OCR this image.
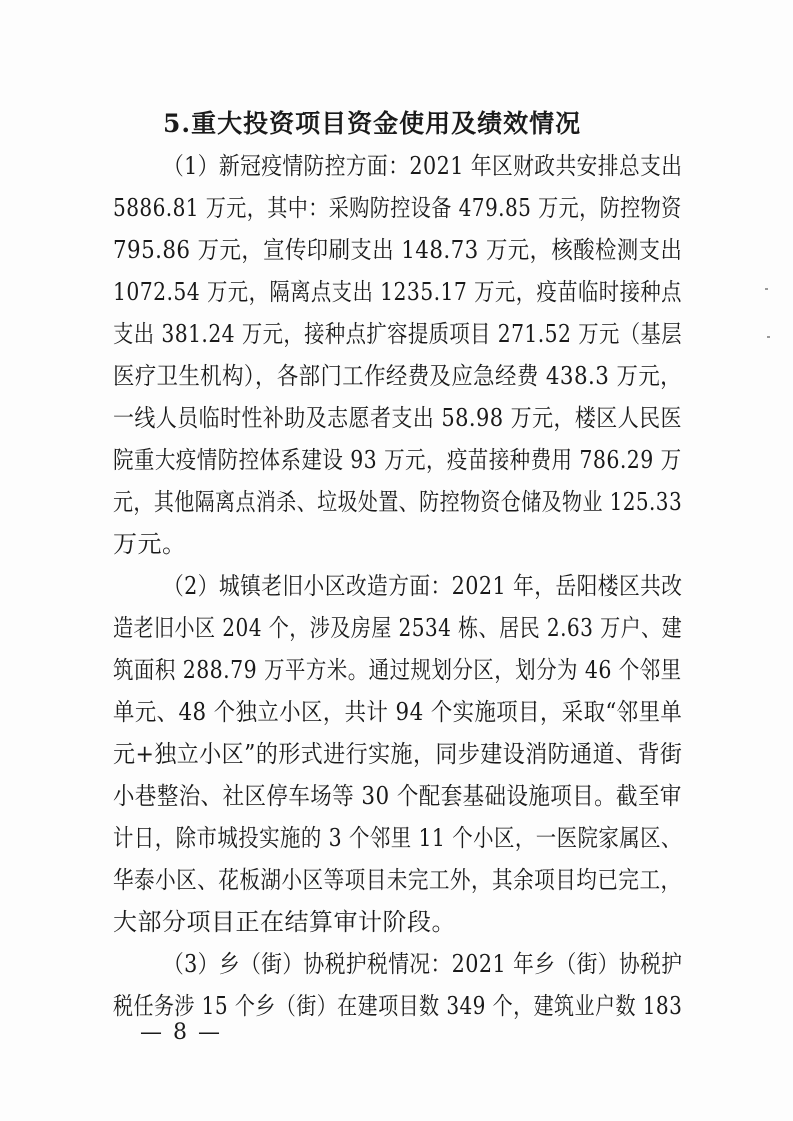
5.重大投资项目资金使用及绩效情况
（1）新冠疫情防控方面：2021 年区财政共安排总支出
5886.81 万元，其中：采购防控设备 479.85 万元，防控物资
795.86 万元，宣传印刷支出 148.73 万元，核酸检测支出
1072.54 万元，隔离点支出 1235.17 万元，疫苗临时接种点
支出 381.24 万元，接种点扩容提质项目 271.52 万元（基层
医疗卫生机构），各部门工作经费及应急经费 438.3 万元，
一线人员临时性补助及志愿者支出 58.98 万元，楼区人民医
院重大疫情防控体系建设 93 万元，疫苗接种费用 786.29 万
元，其他隔离点消杀、垃圾处置、防控物资仓储及物业 125.33
万元。
（2）城镇老旧小区改造方面：2021 年，岳阳楼区共改
造老旧小区 204 个，涉及房屋 2534 栋、居民 2.63 万户、建
筑面积 288.79 万平方米。通过规划分区，划分为 46 个邻里
单元、48 个独立小区，共计 94 个实施项目，采取“邻里单
元+独立小区”的形式进行实施，同步建设消防通道、背街
小巷整治、社区停车场等 30 个配套基础设施项目。截至审
计日，除市城投实施的 3 个邻里 11 个小区，一医院家属区、
华泰小区、花板湖小区等项目未完工外，其余项目均已完工，
大部分项目正在结算审计阶段。
（3）乡（街）协税护税情况：2021 年乡（街）协税护
税任务涉 15 个乡（街）在建项目数 349 个，建筑业户数 183
— 8 —
